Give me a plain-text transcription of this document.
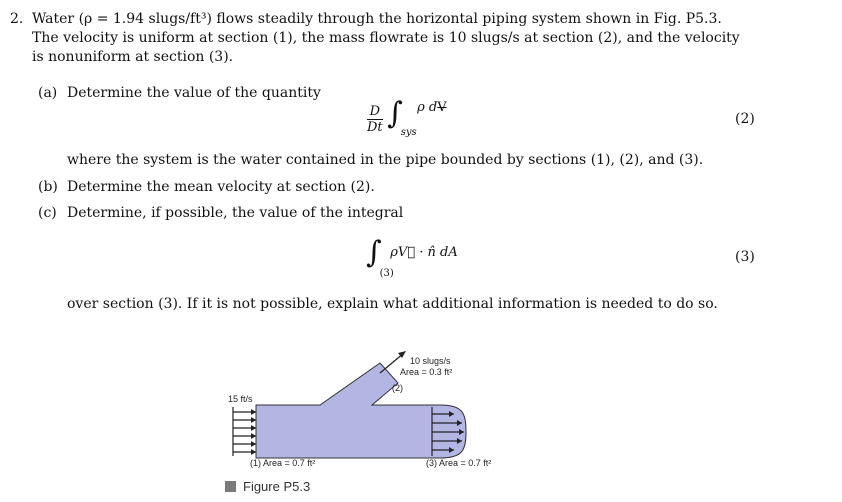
2. Water (ρ = 1.94 slugs/ft³) flows steadily through the horizontal piping system shown in Fig. P5.3.
The velocity is uniform at section (1), the mass flowrate is 10 slugs/s at section (2), and the velocity
is nonuniform at section (3).
(a) Determine the value of the quantity
$\frac{D}{Dt} \int_{sys}$ ρ dV
(2)
where the system is the water contained in the pipe bounded by sections (1), (2), and (3).
(b) Determine the mean velocity at section (2).
(c) Determine, if possible, the value of the integral
$\int_{(3)}$ ρV⃗ · n̂ dA	(3)
over section (3). If it is not possible, explain what additional information is needed to do so.
15 ft/s
10 slugs/s
Area = 0.3 ft²
(2)
(1) Area = 0.7 ft²	(3) Area = 0.7 ft²
Figure P5.3
